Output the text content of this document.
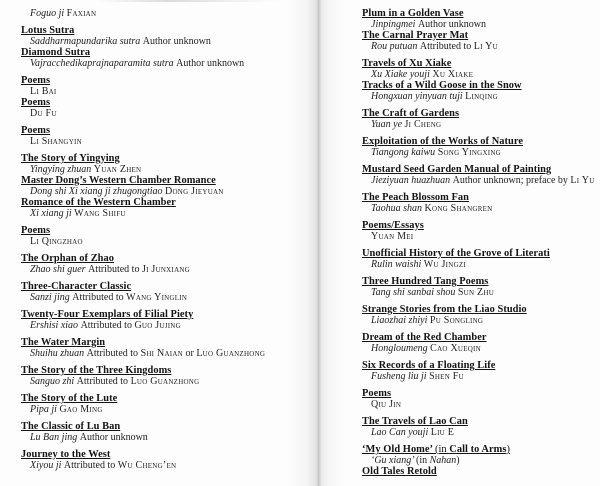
Foguo ji Faxian
Lotus Sutra
Saddharmapundarika sutra Author unknown
Diamond Sutra
Vajracchedikaprajnaparamita sutra Author unknown
Poems
Li Bai
Poems
Du Fu
Poems
Li Shangyin
The Story of Yingying
Yingying zhuan Yuan Zhen
Master Dong’s Western Chamber Romance
Dong shi Xi xiang ji zhugongtiao Dong Jieyuan
Romance of the Western Chamber
Xi xiang ji Wang Shifu
Poems
Li Qingzhao
The Orphan of Zhao
Zhao shi guer Attributed to Ji Junxiang
Three-Character Classic
Sanzi jing Attributed to Wang Yinglin
Twenty-Four Exemplars of Filial Piety
Ershisi xiao Attributed to Guo Jujing
The Water Margin
Shuihu zhuan Attributed to Shi Naian or Luo Guanzhong
The Story of the Three Kingdoms
Sanguo zhi Attributed to Luo Guanzhong
The Story of the Lute
Pipa ji Gao Ming
The Classic of Lu Ban
Lu Ban jing Author unknown
Journey to the West
Xiyou ji Attributed to Wu Cheng’en
Plum in a Golden Vase
Jinpingmei Author unknown
The Carnal Prayer Mat
Rou putuan Attributed to Li Yu
Travels of Xu Xiake
Xu Xiake youji Xu Xiake
Tracks of a Wild Goose in the Snow
Hongxuan yinyuan tuji Linqing
The Craft of Gardens
Yuan ye Ji Cheng
Exploitation of the Works of Nature
Tiangong kaiwu Song Yingxing
Mustard Seed Garden Manual of Painting
Jieziyuan huazhuan Author unknown; preface by Li Yu
The Peach Blossom Fan
Taohua shan Kong Shangren
Poems/Essays
Yuan Mei
Unofficial History of the Grove of Literati
Rulin waishi Wu Jingzi
Three Hundred Tang Poems
Tang shi sanbai shou Sun Zhu
Strange Stories from the Liao Studio
Liaozhai zhiyi Pu Songling
Dream of the Red Chamber
Hongloumeng Cao Xueqin
Six Records of a Floating Life
Fusheng liu ji Shen Fu
Poems
Qiu Jin
The Travels of Lao Can
Lao Can youji Liu E
‘My Old Home’ (in Call to Arms)
‘Gu xiang’ (in Nahan)
Old Tales Retold
